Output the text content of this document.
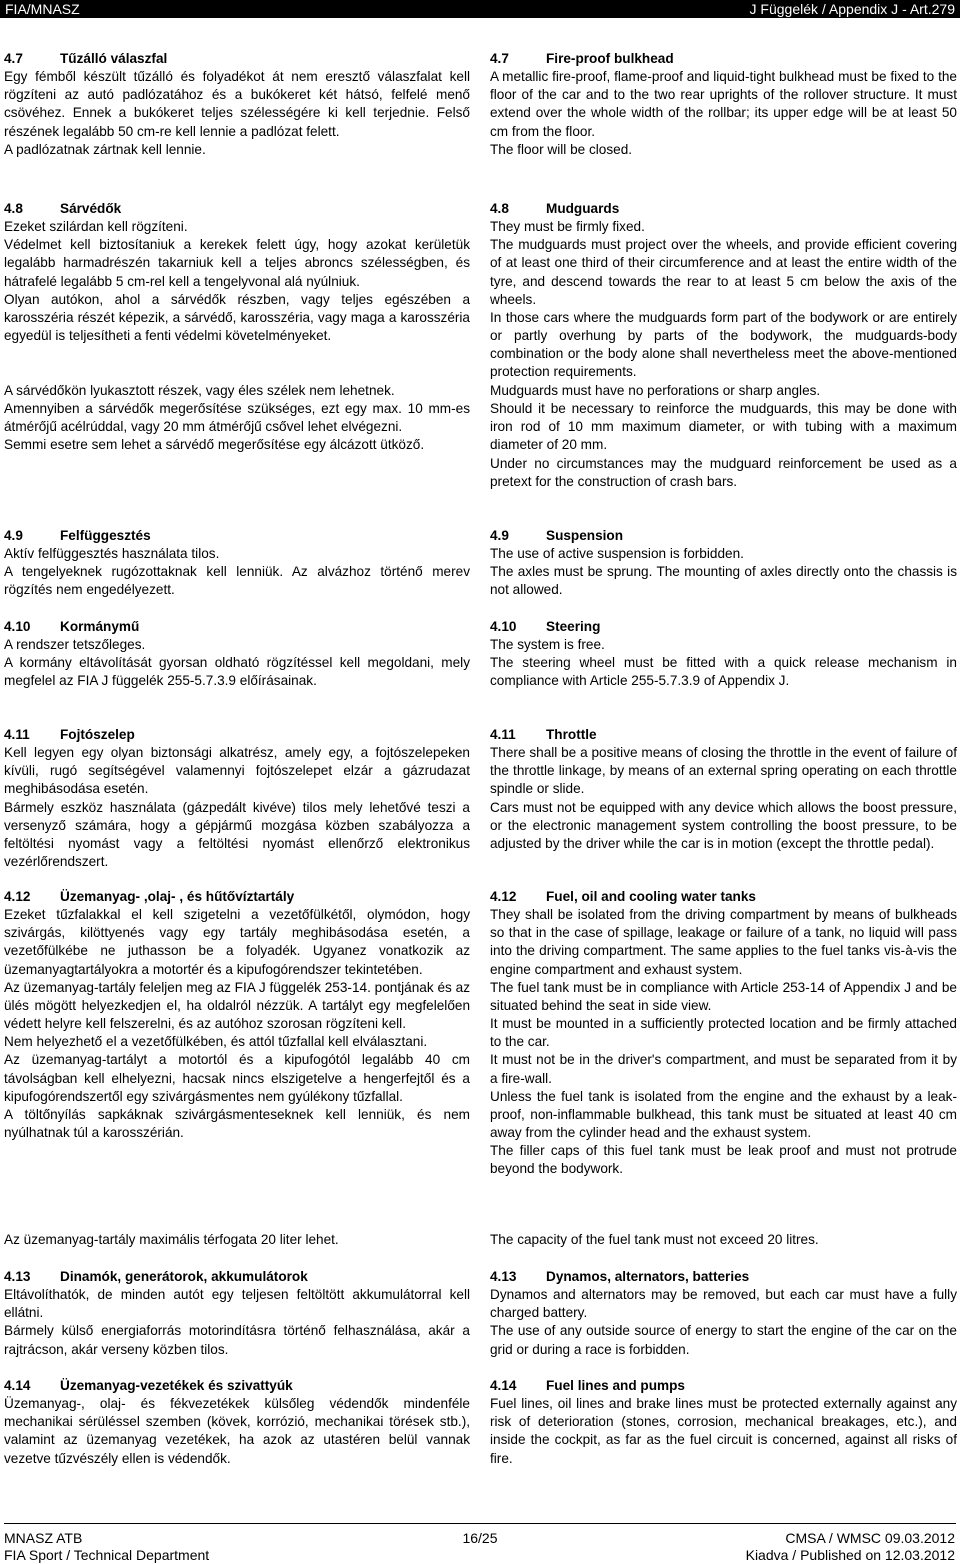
FIA/MNASZ	J Függelék / Appendix J - Art.279
4.7	Tűzálló válaszfal

Egy fémből készült tűzálló és folyadékot át nem eresztő válaszfalat kell rögzíteni az autó padlózatához és a bukókeret két hátsó, felfelé menő csövéhez. Ennek a bukókeret teljes szélességére ki kell terjednie. Felső részének legalább 50 cm-re kell lennie a padlózat felett.

A padlózatnak zártnak kell lennie.

4.8	Sárvédők

Ezeket szilárdan kell rögzíteni.

Védelmet kell biztosítaniuk a kerekek felett úgy, hogy azokat kerületük legalább harmadrészén takarniuk kell a teljes abroncs szélességben, és hátrafelé legalább 5 cm-rel kell a tengelyvonal alá nyúlniuk.

Olyan autókon, ahol a sárvédők részben, vagy teljes egészében a karosszéria részét képezik, a sárvédő, karosszéria, vagy maga a karosszéria egyedül is teljesítheti a fenti védelmi követelményeket.

A sárvédőkön lyukasztott részek, vagy éles szélek nem lehetnek.

Amennyiben a sárvédők megerősítése szükséges, ezt egy max. 10 mm-es átmérőjű acélrúddal, vagy 20 mm átmérőjű csővel lehet elvégezni.

Semmi esetre sem lehet a sárvédő megerősítése egy álcázott ütköző.

4.9	Felfüggesztés

Aktív felfüggesztés használata tilos.

A tengelyeknek rugózottaknak kell lenniük. Az alvázhoz történő merev rögzítés nem engedélyezett.

4.10 Kormánymű

A rendszer tetszőleges.

A kormány eltávolítását gyorsan oldható rögzítéssel kell megoldani, mely megfelel az FIA J függelék 255-5.7.3.9 előírásainak.

4.11 Fojtószelep

Kell legyen egy olyan biztonsági alkatrész, amely egy, a fojtószelepeken kívüli, rugó segítségével valamennyi fojtószelepet elzár a gázrudazat meghibásodása esetén.

Bármely eszköz használata (gázpedált kivéve) tilos mely lehetővé teszi a versenyző számára, hogy a gépjármű mozgása közben szabályozza a feltöltési nyomást vagy a feltöltési nyomást ellenőrző elektronikus vezérlőrendszert.

4.12 Üzemanyag- ,olaj- , és hűtővíztartály

Ezeket tűzfalakkal el kell szigetelni a vezetőfülkétől, olymódon, hogy szivárgás, kilöttyenés vagy egy tartály meghibásodása esetén, a vezetőfülkébe ne juthasson be a folyadék. Ugyanez vonatkozik az üzemanyagtartályokra a motortér és a kipufogórendszer tekintetében.

Az üzemanyag-tartály feleljen meg az FIA J függelék 253-14. pontjának és az ülés mögött helyezkedjen el, ha oldalról nézzük. A tartályt egy megfelelően védett helyre kell felszerelni, és az autóhoz szorosan rögzíteni kell.

Nem helyezhető el a vezetőfülkében, és attól tűzfallal kell elválasztani.

Az üzemanyag-tartályt a motortól és a kipufogótól legalább 40 cm távolságban kell elhelyezni, hacsak nincs elszigetelve a hengerfejtől és a kipufogórendszertől egy szivárgásmentes nem gyúlékony tűzfallal.

A töltőnyílás sapkáknak szivárgásmenteseknek kell lenniük, és nem nyúlhatnak túl a karosszérián.

Az üzemanyag-tartály maximális térfogata 20 liter lehet.

4.13 Dinamók, generátorok, akkumulátorok

Eltávolíthatók, de minden autót egy teljesen feltöltött akkumulátorral kell ellátni.

Bármely külső energiaforrás motorindításra történő felhasználása, akár a rajtrácson, akár verseny közben tilos.

4.14 Üzemanyag-vezetékek és szivattyúk

Üzemanyag-, olaj- és fékvezetékek külsőleg védendők mindenféle mechanikai sérüléssel szemben (kövek, korrózió, mechanikai törések stb.), valamint az üzemanyag vezetékek, ha azok az utastéren belül vannak vezetve tűzvészély ellen is védendők.

4.7	Fire-proof bulkhead

A metallic fire-proof, flame-proof and liquid-tight bulkhead must be fixed to the floor of the car and to the two rear uprights of the rollover structure. It must extend over the whole width of the rollbar; its upper edge will be at least 50 cm from the floor.

The floor will be closed.

4.8	Mudguards

They must be firmly fixed.

The mudguards must project over the wheels, and provide efficient covering of at least one third of their circumference and at least the entire width of the tyre, and descend towards the rear to at least 5 cm below the axis of the wheels.

In those cars where the mudguards form part of the bodywork or are entirely or partly overhung by parts of the bodywork, the mudguards-body combination or the body alone shall nevertheless meet the above-mentioned protection requirements.

Mudguards must have no perforations or sharp angles.

Should it be necessary to reinforce the mudguards, this may be done with iron rod of 10 mm maximum diameter, or with tubing with a maximum diameter of 20 mm.

Under no circumstances may the mudguard reinforcement be used as a pretext for the construction of crash bars.

4.9	Suspension

The use of active suspension is forbidden.

The axles must be sprung. The mounting of axles directly onto the chassis is not allowed.

4.10 Steering

The system is free.

The steering wheel must be fitted with a quick release mechanism in compliance with Article 255-5.7.3.9 of Appendix J.

4.11 Throttle

There shall be a positive means of closing the throttle in the event of failure of the throttle linkage, by means of an external spring operating on each throttle spindle or slide.

Cars must not be equipped with any device which allows the boost pressure, or the electronic management system controlling the boost pressure, to be adjusted by the driver while the car is in motion (except the throttle pedal).

4.12 Fuel, oil and cooling water tanks

They shall be isolated from the driving compartment by means of bulkheads so that in the case of spillage, leakage or failure of a tank, no liquid will pass into the driving compartment. The same applies to the fuel tanks vis-à-vis the engine compartment and exhaust system.

The fuel tank must be in compliance with Article 253-14 of Appendix J and be situated behind the seat in side view.

It must be mounted in a sufficiently protected location and be firmly attached to the car.

It must not be in the driver's compartment, and must be separated from it by a fire-wall.

Unless the fuel tank is isolated from the engine and the exhaust by a leak-proof, non-inflammable bulkhead, this tank must be situated at least 40 cm away from the cylinder head and the exhaust system.

The filler caps of this fuel tank must be leak proof and must not protrude beyond the bodywork.

The capacity of the fuel tank must not exceed 20 litres.

4.13 Dynamos, alternators, batteries

Dynamos and alternators may be removed, but each car must have a fully charged battery.

The use of any outside source of energy to start the engine of the car on the grid or during a race is forbidden.

4.14 Fuel lines and pumps

Fuel lines, oil lines and brake lines must be protected externally against any risk of deterioration (stones, corrosion, mechanical breakages, etc.), and inside the cockpit, as far as the fuel circuit is concerned, against all risks of fire.

MNASZ ATB
FIA Sport / Technical Department
16/25	CMSA / WMSC 09.03.2012
Kiadva / Published on 12.03.2012
